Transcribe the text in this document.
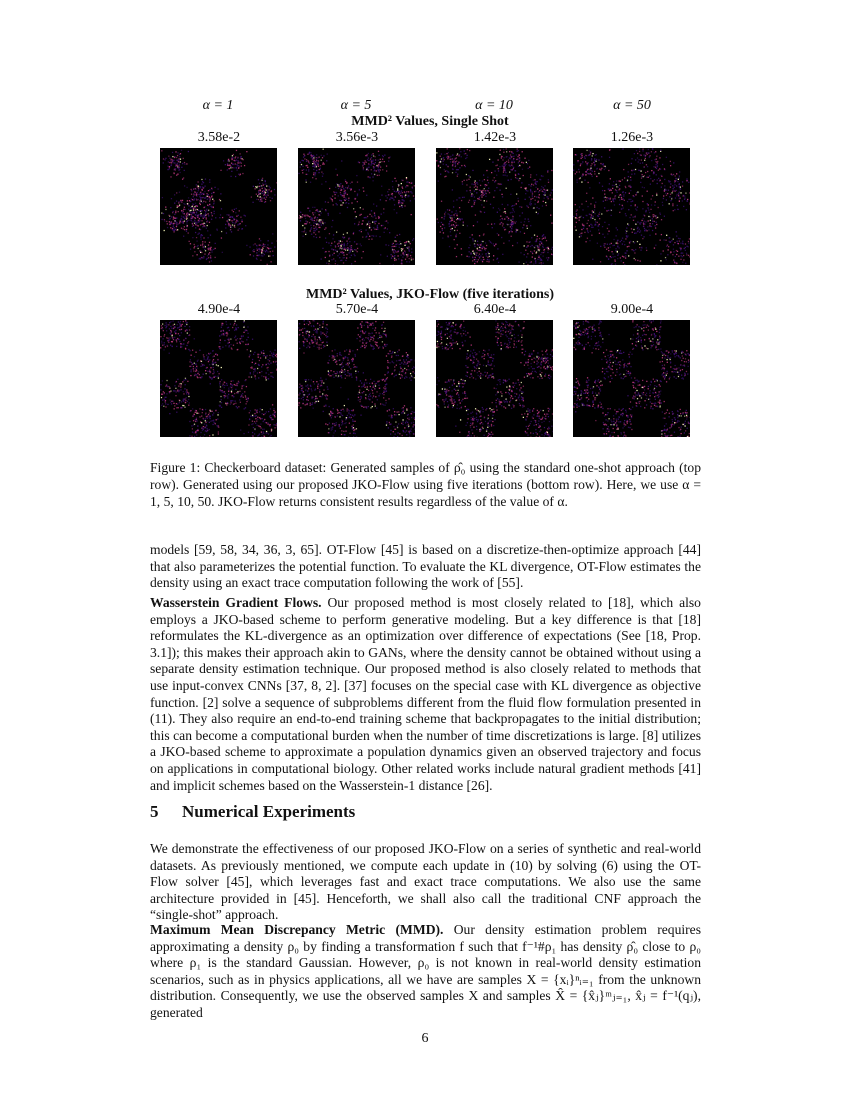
α = 1	α = 5	α = 10	α = 50
MMD² Values, Single Shot
3.58e-2	3.56e-3	1.42e-3	1.26e-3
MMD² Values, JKO-Flow (five iterations)
4.90e-4	5.70e-4	6.40e-4	9.00e-4
Figure 1: Checkerboard dataset: Generated samples of ρ̂₀ using the standard one-shot approach (top row). Generated using our proposed JKO-Flow using five iterations (bottom row). Here, we use α = 1, 5, 10, 50. JKO-Flow returns consistent results regardless of the value of α.
models [59, 58, 34, 36, 3, 65]. OT-Flow [45] is based on a discretize-then-optimize approach [44] that also parameterizes the potential function. To evaluate the KL divergence, OT-Flow estimates the density using an exact trace computation following the work of [55].
Wasserstein Gradient Flows. Our proposed method is most closely related to [18], which also employs a JKO-based scheme to perform generative modeling. But a key difference is that [18] reformulates the KL-divergence as an optimization over difference of expectations (See [18, Prop. 3.1]); this makes their approach akin to GANs, where the density cannot be obtained without using a separate density estimation technique. Our proposed method is also closely related to methods that use input-convex CNNs [37, 8, 2]. [37] focuses on the special case with KL divergence as objective function. [2] solve a sequence of subproblems different from the fluid flow formulation presented in (11). They also require an end-to-end training scheme that backpropagates to the initial distribution; this can become a computational burden when the number of time discretizations is large. [8] utilizes a JKO-based scheme to approximate a population dynamics given an observed trajectory and focus on applications in computational biology. Other related works include natural gradient methods [41] and implicit schemes based on the Wasserstein-1 distance [26].
5 Numerical Experiments
We demonstrate the effectiveness of our proposed JKO-Flow on a series of synthetic and real-world datasets. As previously mentioned, we compute each update in (10) by solving (6) using the OT-Flow solver [45], which leverages fast and exact trace computations. We also use the same architecture provided in [45]. Henceforth, we shall also call the traditional CNF approach the “single-shot” approach.
Maximum Mean Discrepancy Metric (MMD). Our density estimation problem requires approximating a density ρ₀ by finding a transformation f such that f⁻¹#ρ₁ has density ρ̂₀ close to ρ₀ where ρ₁ is the standard Gaussian. However, ρ₀ is not known in real-world density estimation scenarios, such as in physics applications, all we have are samples X = {xᵢ}ⁿᵢ₌₁ from the unknown distribution. Consequently, we use the observed samples X and samples X̂ = {x̂ⱼ}ᵐⱼ₌₁, x̂ⱼ = f⁻¹(qⱼ), generated
6
